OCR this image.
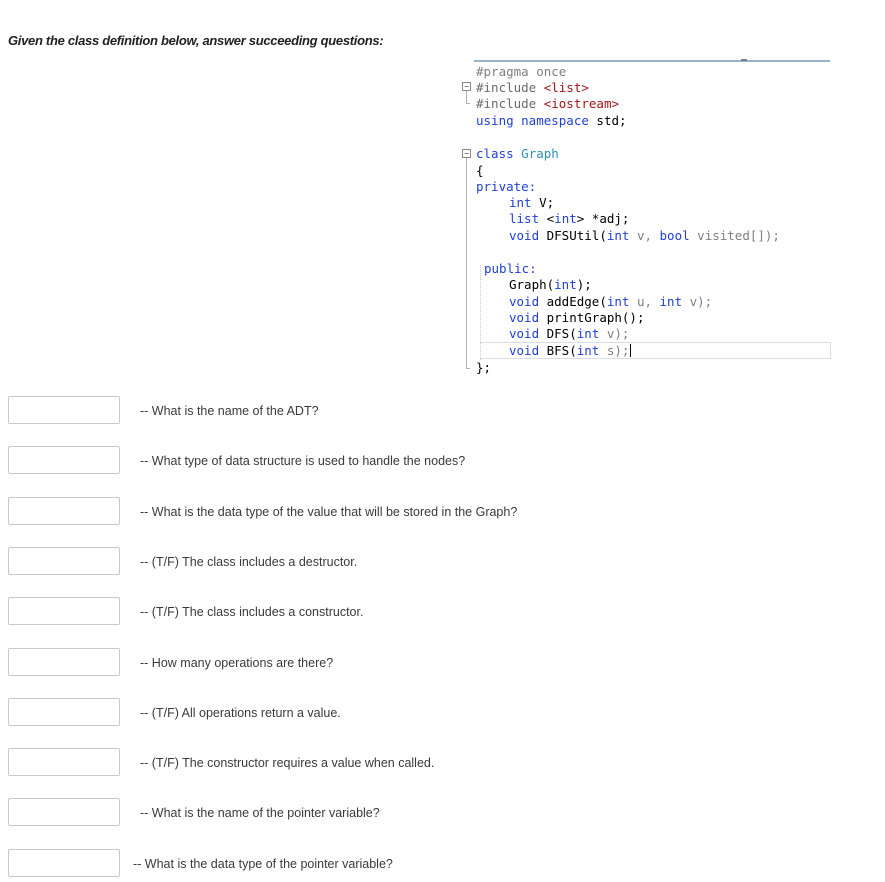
Given the class definition below, answer succeeding questions:
−
−
#pragma once
#include <list>
#include <iostream>
using namespace std;
class Graph
{
private:
int V;
list <int> *adj;
void DFSUtil(int v, bool visited[]);
public:
Graph(int);
void addEdge(int u, int v);
void printGraph();
void DFS(int v);
void BFS(int s);
};
-- What is the name of the ADT?
-- What type of data structure is used to handle the nodes?
-- What is the data type of the value that will be stored in the Graph?
-- (T/F) The class includes a destructor.
-- (T/F) The class includes a constructor.
-- How many operations are there?
-- (T/F) All operations return a value.
-- (T/F) The constructor requires a value when called.
-- What is the name of the pointer variable?
-- What is the data type of the pointer variable?
